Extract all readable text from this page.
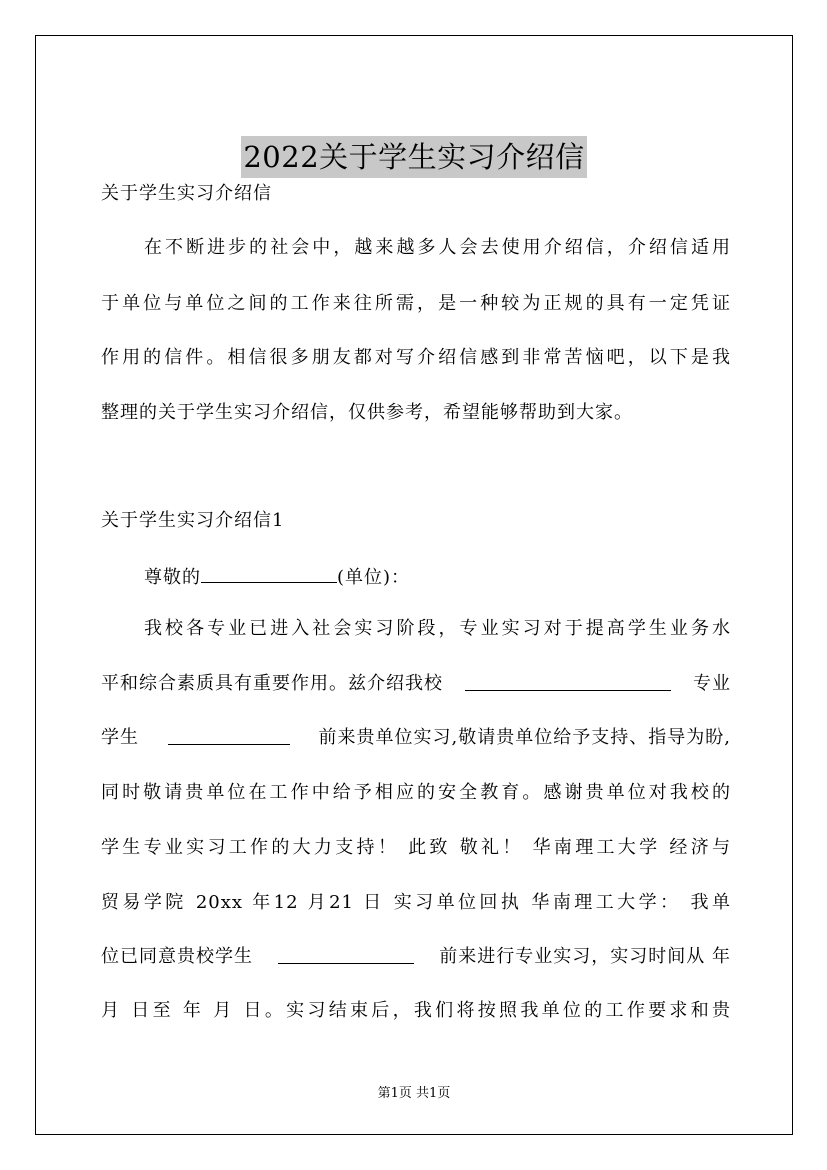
2022关于学生实习介绍信
关于学生实习介绍信
在不断进步的社会中，越来越多人会去使用介绍信，介绍信适用
于单位与单位之间的工作来往所需，是一种较为正规的具有一定凭证
作用的信件。相信很多朋友都对写介绍信感到非常苦恼吧，以下是我
整理的关于学生实习介绍信，仅供参考，希望能够帮助到大家。
关于学生实习介绍信1
尊敬的	(单位)：
我校各专业已进入社会实习阶段，专业实习对于提高学生业务水
平和综合素质具有重要作用。兹介绍我校	专业
学生	前来贵单位实习,敬请贵单位给予支持、指导为盼,
同时敬请贵单位在工作中给予相应的安全教育。感谢贵单位对我校的
学生专业实习工作的大力支持！ 此致 敬礼！ 华南理工大学 经济与
贸易学院 20xx 年12 月21 日 实习单位回执 华南理工大学： 我单
位已同意贵校学生	前来进行专业实习，实习时间从 年
月 日至 年 月 日。实习结束后，我们将按照我单位的工作要求和贵
第1页 共1页
